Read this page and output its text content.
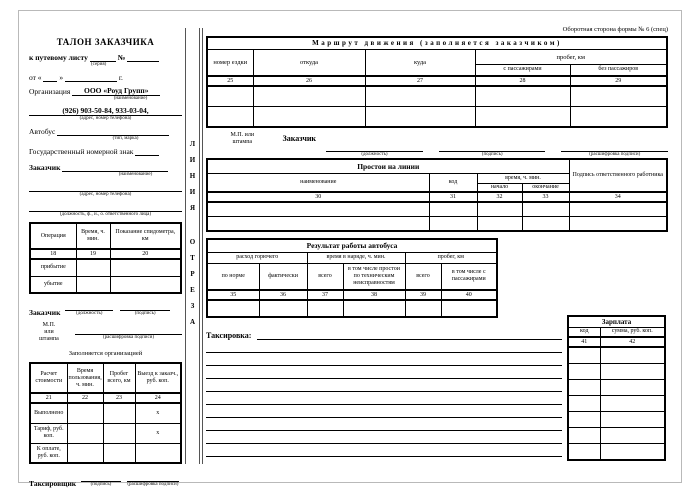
ТАЛОН ЗАКАЗЧИКА
к путевому листу	№
(серия)
от « »	г.
Организация ООО «Роуд Групп»
(наименование)
(926) 903-50-84, 933-03-04,
(адрес, номер телефона)
Автобус
(тип, марка)
Государственный номерной знак
Заказчик
(наименование)
(адрес, номер телефона)
(должность, ф., и., о. ответственного лица)
Операция	Время, ч. мин.	Показание спидометра, км
18	19	20
прибытие		
убытие		
Заказчик	(должность)
	(подпись)
М.П.
или
штампа	(расшифровка подписи)
Заполняется организацией
Расчет стоимости	Время пользования, ч. мин.	Пробег всего, км	Выезд к заказч., руб. коп.
21	22	23	24
Выполнено			х
Тариф, руб. коп.			х
К оплате, руб. коп.			
Таксировщик	(подпись)
	(расшифровка подписи)
Л
И
Н
И
Я
О
Т
Р
Е
З
А
Оборотная сторона формы № 6 (спец)
Маршрут движения (заполняется заказчиком)				
номер ездки	откуда	куда	пробег, км	
			с пассажирами	без пассажиров
25	26	27	28	29

М.П. или
штампа	Заказчик
(должность)	(подпись)	(расшифровка подписи)
Простои на линии				Подпись ответственного работника
наименование	код	время, ч. мин.		
		начало	окончание	
30	31	32	33	34

Результат работы автобуса					
расход горючего		время в наряде, ч. мин.		пробег, км	
по норме	фактически	всего	в том числе простои по техническим неисправностям	всего	в том числе с пассажирами
35	36	37	38	39	40

Таксировка:
Зарплата	
код	сумма, руб. коп.
41	42
